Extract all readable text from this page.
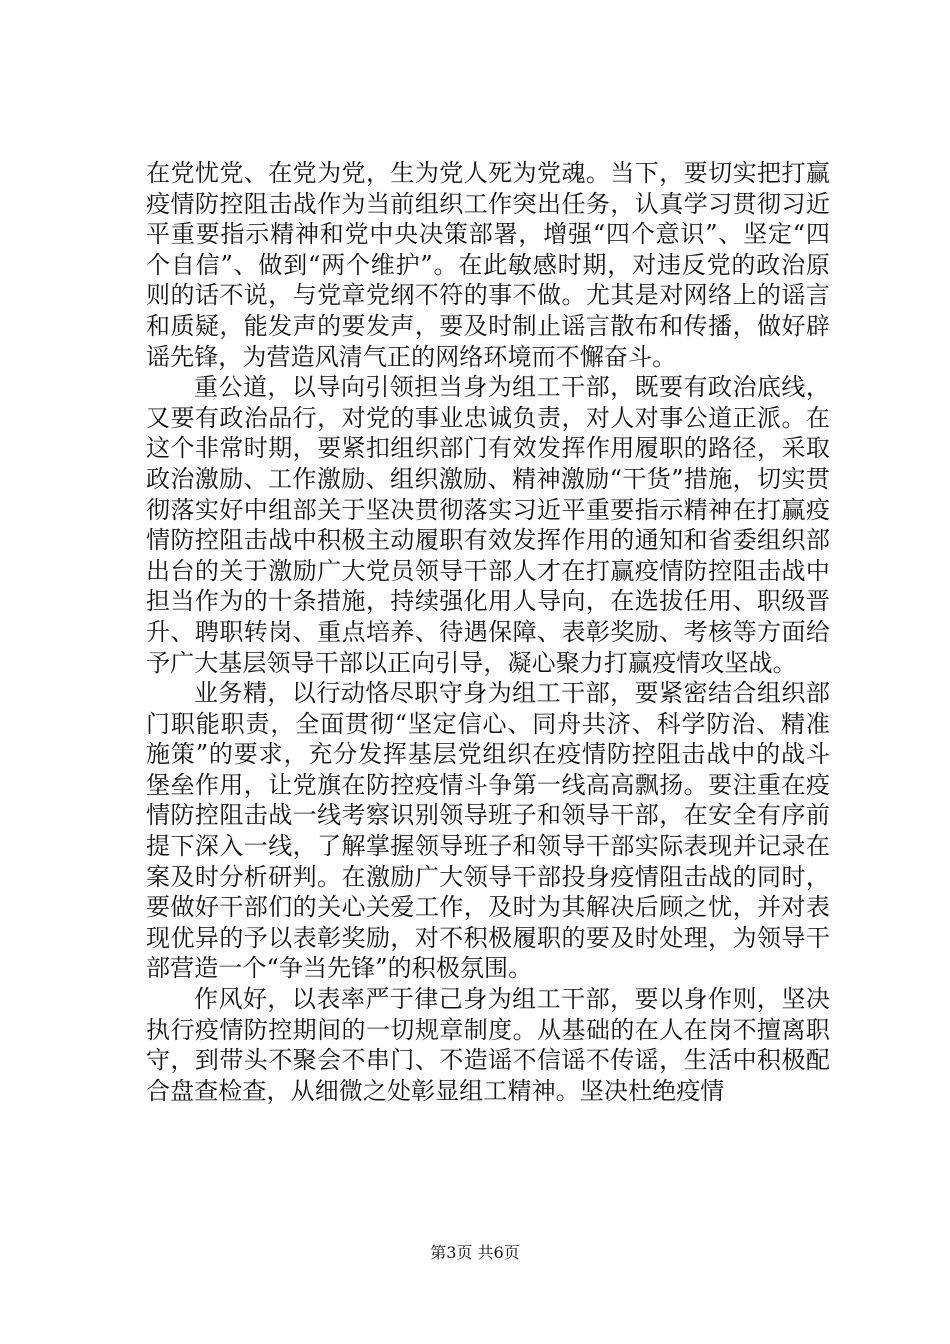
在党忧党、在党为党，生为党人死为党魂。当下，要切实把打赢疫情防控阻击战作为当前组织工作突出任务，认真学习贯彻习近平重要指示精神和党中央决策部署，增强“四个意识”、坚定“四个自信”、做到“两个维护”。在此敏感时期，对违反党的政治原则的话不说，与党章党纲不符的事不做。尤其是对网络上的谣言和质疑，能发声的要发声，要及时制止谣言散布和传播，做好辟谣先锋，为营造风清气正的网络环境而不懈奋斗。

重公道，以导向引领担当身为组工干部，既要有政治底线，又要有政治品行，对党的事业忠诚负责，对人对事公道正派。在这个非常时期，要紧扣组织部门有效发挥作用履职的路径，采取政治激励、工作激励、组织激励、精神激励“干货”措施，切实贯彻落实好中组部关于坚决贯彻落实习近平重要指示精神在打赢疫情防控阻击战中积极主动履职有效发挥作用的通知和省委组织部出台的关于激励广大党员领导干部人才在打赢疫情防控阻击战中担当作为的十条措施，持续强化用人导向，在选拔任用、职级晋升、聘职转岗、重点培养、待遇保障、表彰奖励、考核等方面给予广大基层领导干部以正向引导，凝心聚力打赢疫情攻坚战。

业务精，以行动恪尽职守身为组工干部，要紧密结合组织部门职能职责，全面贯彻“坚定信心、同舟共济、科学防治、精准施策”的要求，充分发挥基层党组织在疫情防控阻击战中的战斗堡垒作用，让党旗在防控疫情斗争第一线高高飘扬。要注重在疫情防控阻击战一线考察识别领导班子和领导干部，在安全有序前提下深入一线，了解掌握领导班子和领导干部实际表现并记录在案及时分析研判。在激励广大领导干部投身疫情阻击战的同时，要做好干部们的关心关爱工作，及时为其解决后顾之忧，并对表现优异的予以表彰奖励，对不积极履职的要及时处理，为领导干部营造一个“争当先锋”的积极氛围。

作风好，以表率严于律己身为组工干部，要以身作则，坚决执行疫情防控期间的一切规章制度。从基础的在人在岗不擅离职守，到带头不聚会不串门、不造谣不信谣不传谣，生活中积极配合盘查检查，从细微之处彰显组工精神。坚决杜绝疫情

第3页 共6页
